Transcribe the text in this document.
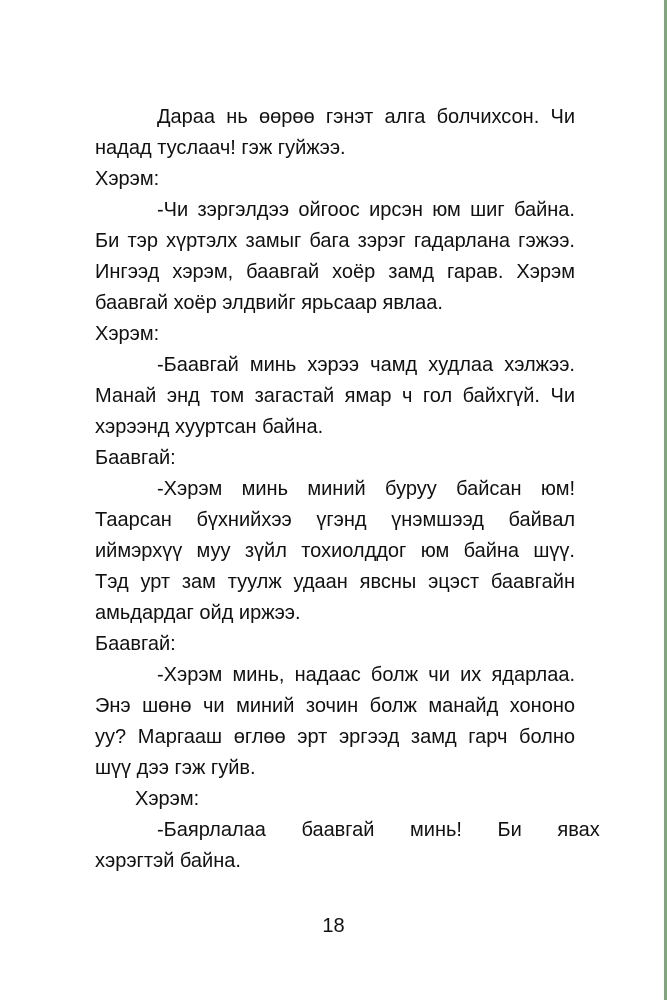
Дараа нь өөрөө гэнэт алга болчихсон. Чи
надад туслаач! гэж гуйжээ.
Хэрэм:
-Чи зэргэлдээ ойгоос ирсэн юм шиг байна.
Би тэр хүртэлх замыг бага зэрэг гадарлана гэжээ.
Ингээд хэрэм, баавгай хоёр замд гарав. Хэрэм
баавгай хоёр элдвийг ярьсаар явлаа.
Хэрэм:
-Баавгай минь хэрээ чамд худлаа хэлжээ.
Манай энд том загастай ямар ч гол байхгүй. Чи
хэрээнд хууртсан байна.
Баавгай:
-Хэрэм минь миний буруу байсан юм!
Таарсан бүхнийхээ үгэнд үнэмшээд байвал
иймэрхүү муу зүйл тохиолддог юм байна шүү.
Тэд урт зам туулж удаан явсны эцэст баавгайн
амьдардаг ойд иржээ.
Баавгай:
-Хэрэм минь, надаас болж чи их ядарлаа.
Энэ шөнө чи миний зочин болж манайд хононо
уу? Маргааш өглөө эрт эргээд замд гарч болно
шүү дээ гэж гуйв.
Хэрэм:
-Баярлалаа баавгай минь! Би явах
хэрэгтэй байна.
18
